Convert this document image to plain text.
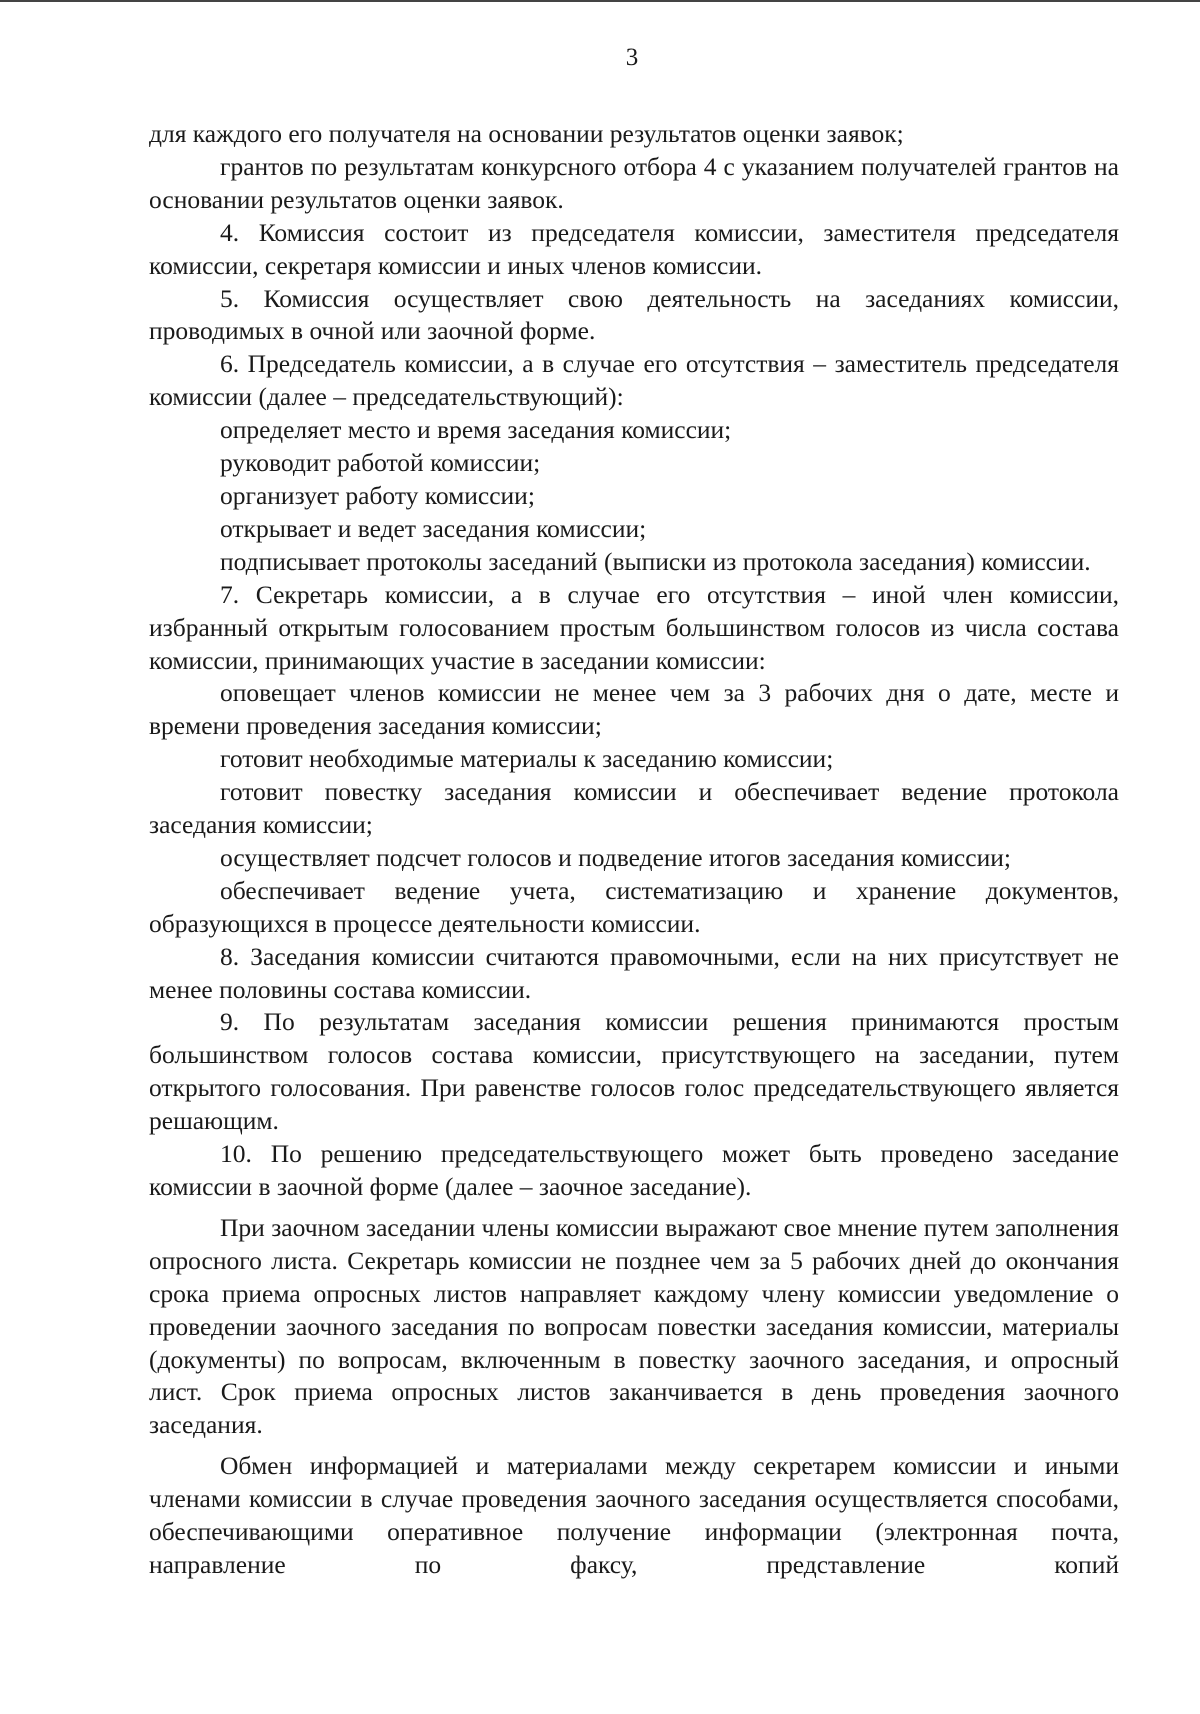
3

для каждого его получателя на основании результатов оценки заявок;

грантов по результатам конкурсного отбора 4 с указанием получателей грантов на основании результатов оценки заявок.

4. Комиссия состоит из председателя комиссии, заместителя председателя комиссии, секретаря комиссии и иных членов комиссии.

5. Комиссия осуществляет свою деятельность на заседаниях комиссии, проводимых в очной или заочной форме.

6. Председатель комиссии, а в случае его отсутствия – заместитель председателя комиссии (далее – председательствующий):

определяет место и время заседания комиссии;

руководит работой комиссии;

организует работу комиссии;

открывает и ведет заседания комиссии;

подписывает протоколы заседаний (выписки из протокола заседания) комиссии.

7. Секретарь комиссии, а в случае его отсутствия – иной член комиссии, избранный открытым голосованием простым большинством голосов из числа состава комиссии, принимающих участие в заседании комиссии:

оповещает членов комиссии не менее чем за 3 рабочих дня о дате, месте и времени проведения заседания комиссии;

готовит необходимые материалы к заседанию комиссии;

готовит повестку заседания комиссии и обеспечивает ведение протокола заседания комиссии;

осуществляет подсчет голосов и подведение итогов заседания комиссии;

обеспечивает ведение учета, систематизацию и хранение документов, образующихся в процессе деятельности комиссии.

8. Заседания комиссии считаются правомочными, если на них присутствует не менее половины состава комиссии.

9. По результатам заседания комиссии решения принимаются простым большинством голосов состава комиссии, присутствующего на заседании, путем открытого голосования. При равенстве голосов голос председательствующего является решающим.

10. По решению председательствующего может быть проведено заседание комиссии в заочной форме (далее – заочное заседание).

При заочном заседании члены комиссии выражают свое мнение путем заполнения опросного листа. Секретарь комиссии не позднее чем за 5 рабочих дней до окончания срока приема опросных листов направляет каждому члену комиссии уведомление о проведении заочного заседания по вопросам повестки заседания комиссии, материалы (документы) по вопросам, включенным в повестку заочного заседания, и опросный лист. Срок приема опросных листов заканчивается в день проведения заочного заседания.

Обмен информацией и материалами между секретарем комиссии и иными членами комиссии в случае проведения заочного заседания осуществляется способами, обеспечивающими оперативное получение информации (электронная почта, направление по факсу, представление копий
